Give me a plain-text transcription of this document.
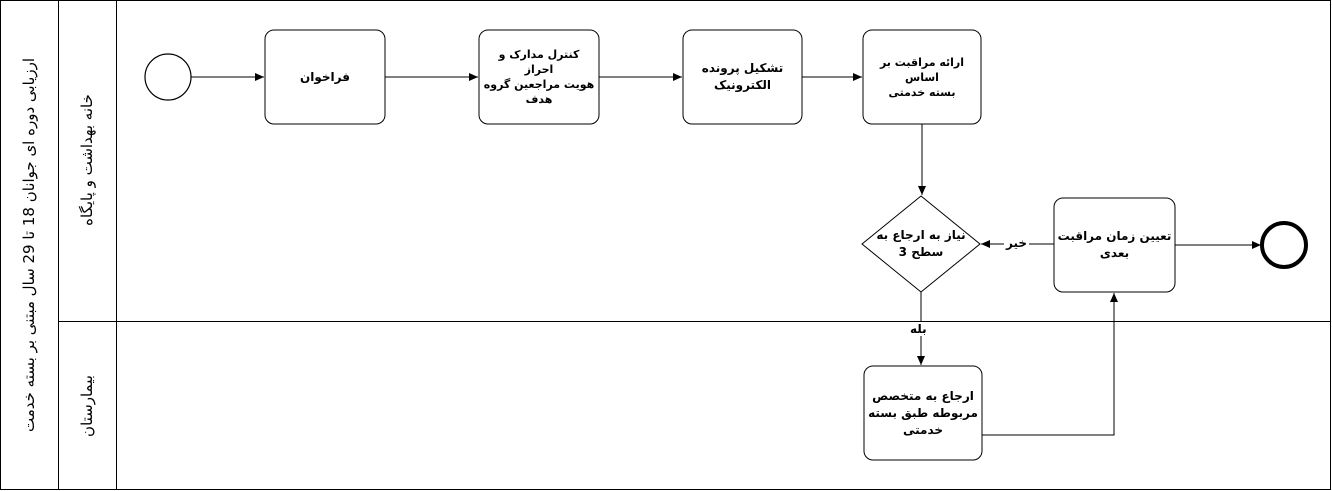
ارزیابی دوره ای جوانان 18 تا 29 سال مبتنی بر بسته خدمت	خانه بهداشت و پایگاه
بیمارستان
فراخوان
کنترل مدارک و احراز
هویت مراجعین گروه
هدف
تشکیل پرونده
الکترونیک
ارائه مراقبت بر اساس
بسته خدمتی
تعیین زمان مراقبت
بعدی
ارجاع به متخصص
مربوطه طبق بسته
خدمتی
نیاز به ارجاع به
سطح 3
خیر
بله
